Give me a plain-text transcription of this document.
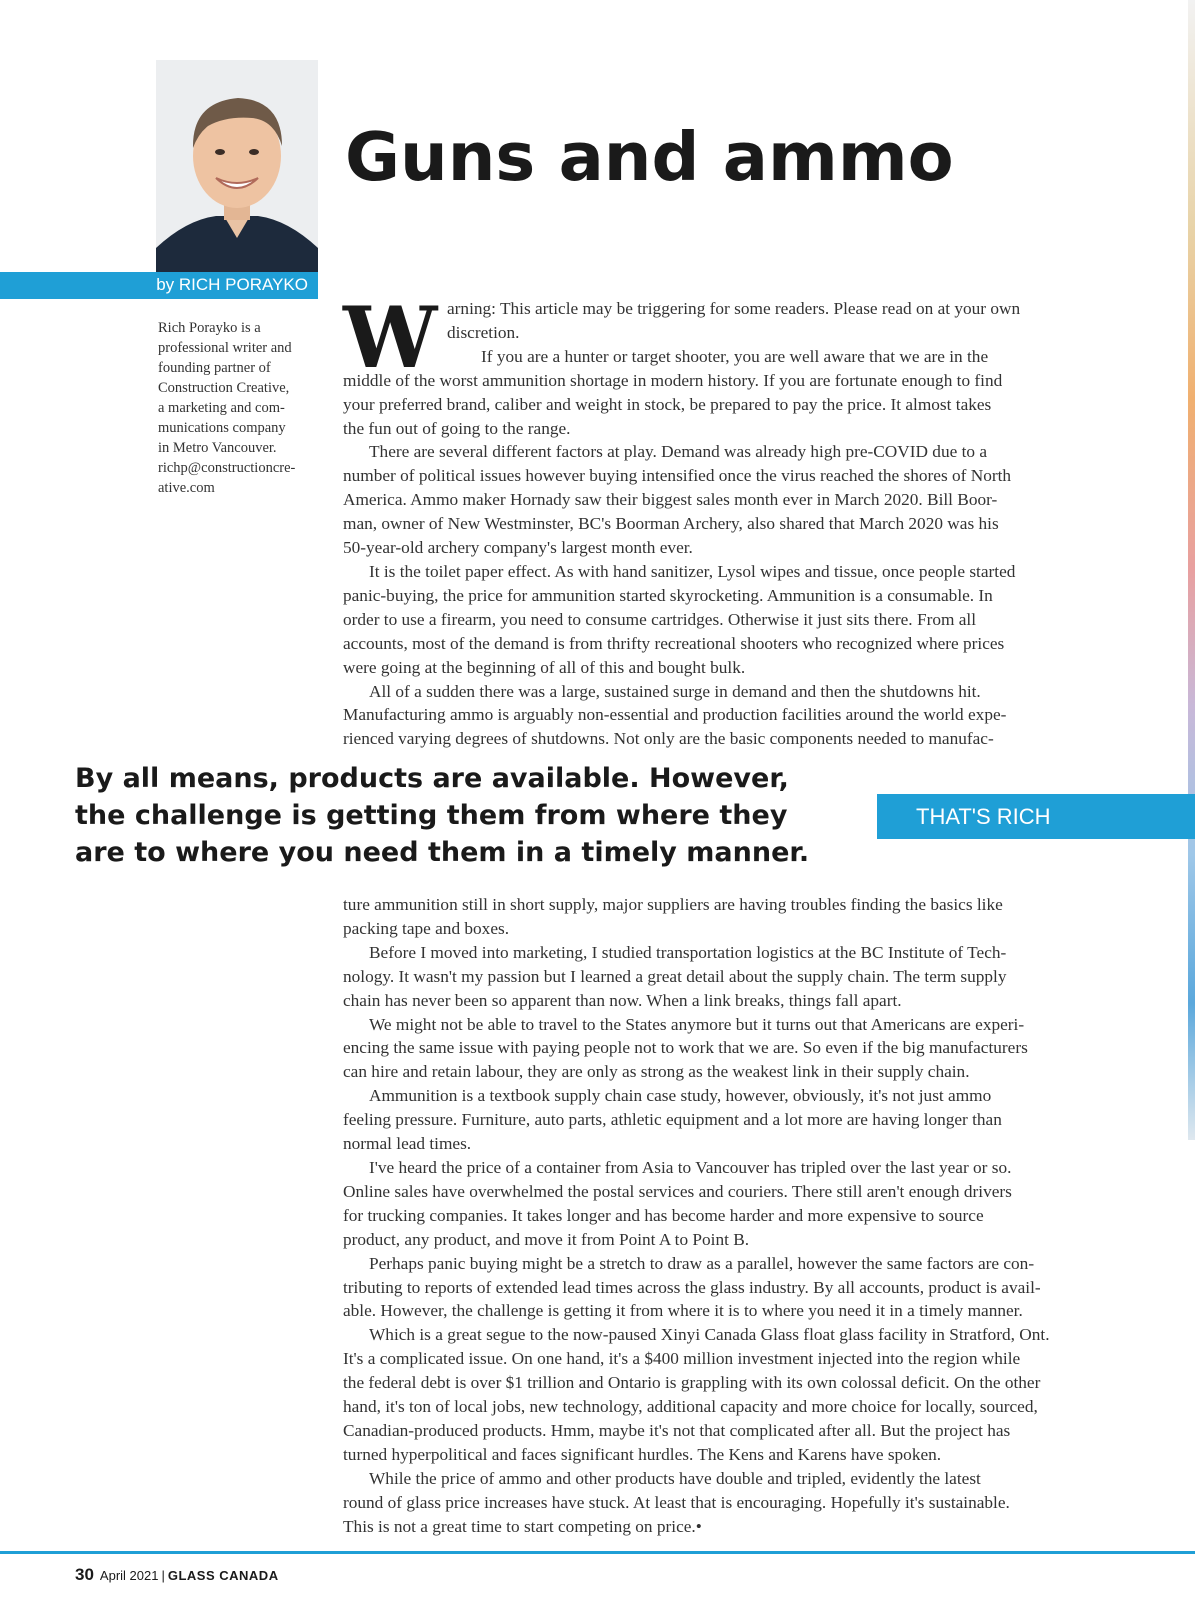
by RICH PORAYKO
Rich Porayko is a
professional writer and
founding partner of
Construction Creative,
a marketing and com-
munications company
in Metro Vancouver.
richp@constructioncre-
ative.com
Guns and ammo
W arning: This article may be triggering for some readers. Please read on at your own
discretion.
If you are a hunter or target shooter, you are well aware that we are in the
middle of the worst ammunition shortage in modern history. If you are fortunate enough to find
your preferred brand, caliber and weight in stock, be prepared to pay the price. It almost takes
the fun out of going to the range.
There are several different factors at play. Demand was already high pre-COVID due to a
number of political issues however buying intensified once the virus reached the shores of North
America. Ammo maker Hornady saw their biggest sales month ever in March 2020. Bill Boor-
man, owner of New Westminster, BC's Boorman Archery, also shared that March 2020 was his
50-year-old archery company's largest month ever.
It is the toilet paper effect. As with hand sanitizer, Lysol wipes and tissue, once people started
panic-buying, the price for ammunition started skyrocketing. Ammunition is a consumable. In
order to use a firearm, you need to consume cartridges. Otherwise it just sits there. From all
accounts, most of the demand is from thrifty recreational shooters who recognized where prices
were going at the beginning of all of this and bought bulk.
All of a sudden there was a large, sustained surge in demand and then the shutdowns hit.
Manufacturing ammo is arguably non-essential and production facilities around the world expe-
rienced varying degrees of shutdowns. Not only are the basic components needed to manufac-
By all means, products are available. However,
the challenge is getting them from where they
are to where you need them in a timely manner.
THAT'S RICH
ture ammunition still in short supply, major suppliers are having troubles finding the basics like
packing tape and boxes.
Before I moved into marketing, I studied transportation logistics at the BC Institute of Tech-
nology. It wasn't my passion but I learned a great detail about the supply chain. The term supply
chain has never been so apparent than now. When a link breaks, things fall apart.
We might not be able to travel to the States anymore but it turns out that Americans are experi-
encing the same issue with paying people not to work that we are. So even if the big manufacturers
can hire and retain labour, they are only as strong as the weakest link in their supply chain.
Ammunition is a textbook supply chain case study, however, obviously, it's not just ammo
feeling pressure. Furniture, auto parts, athletic equipment and a lot more are having longer than
normal lead times.
I've heard the price of a container from Asia to Vancouver has tripled over the last year or so.
Online sales have overwhelmed the postal services and couriers. There still aren't enough drivers
for trucking companies. It takes longer and has become harder and more expensive to source
product, any product, and move it from Point A to Point B.
Perhaps panic buying might be a stretch to draw as a parallel, however the same factors are con-
tributing to reports of extended lead times across the glass industry. By all accounts, product is avail-
able. However, the challenge is getting it from where it is to where you need it in a timely manner.
Which is a great segue to the now-paused Xinyi Canada Glass float glass facility in Stratford, Ont.
It's a complicated issue. On one hand, it's a $400 million investment injected into the region while
the federal debt is over $1 trillion and Ontario is grappling with its own colossal deficit. On the other
hand, it's ton of local jobs, new technology, additional capacity and more choice for locally, sourced,
Canadian-produced products. Hmm, maybe it's not that complicated after all. But the project has
turned hyperpolitical and faces significant hurdles. The Kens and Karens have spoken.
While the price of ammo and other products have double and tripled, evidently the latest
round of glass price increases have stuck. At least that is encouraging. Hopefully it's sustainable.
This is not a great time to start competing on price.•
30 April 2021 | GLASS CANADA
